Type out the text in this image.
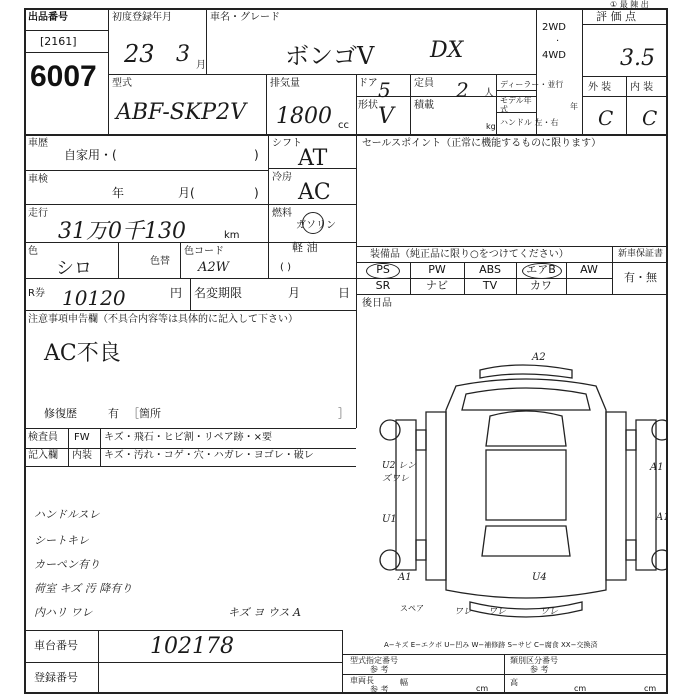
出品番号
[2161]
6007
初度登録年月
23 3 月
車名・グレード
ボンゴV	DX
2WD
·
4WD
評 価 点
3.5
型式
ABF-SKP2V
排気量
1800 cc
ドア 5 定員 2 人
形状 V 積載
kg
ディーラー・並行
モデル年式	年
ハンドル 左・右
外 装 内 装
C C
車歴
自家用・(	)
シフト
AT
車検
年	月(	)
冷房
AC
走行
31万0千130	km
燃料
ガソリン
軽 油
( )
色
シロ	色替
色コード
A2W
R券 10120	円 名変期限	月	日
注意事項申告欄（不具合内容等は具体的に記入して下さい）
AC不良
修復歴	有 ［箇所	］
検査員
記入欄
FW キズ・飛石・ヒビ割・リペア跡・×要
内装 キズ・汚れ・コゲ・穴・ハガレ・ヨゴレ・破レ
ハンドルスレ
シートキレ
カーペン有り
荷室 キズ 汚 降有り
内ハリ ワレ	キズ ヨ ウス A
セールスポイント（正常に機能するものに限ります）
装備品（純正品に限り○をつけてください）	新車保証書
有・無
PS	PW	ABS	エアB	AW
SR	ナビ	TV	カワ
後日品
A2
U2 レンズワレ
A1
U1	A1
A1	U4
ワレ ワレ	ワレ
スペア
A−キズ E−エクボ U−凹み W−補修跡 S−サビ C−腐食 XX−交換済
車台番号	102178
登録番号
型式指定番号
参 考
類別区分番号
参 考
車両長
参 考
幅
cm
高
cm	cm
① 最 陳 出
